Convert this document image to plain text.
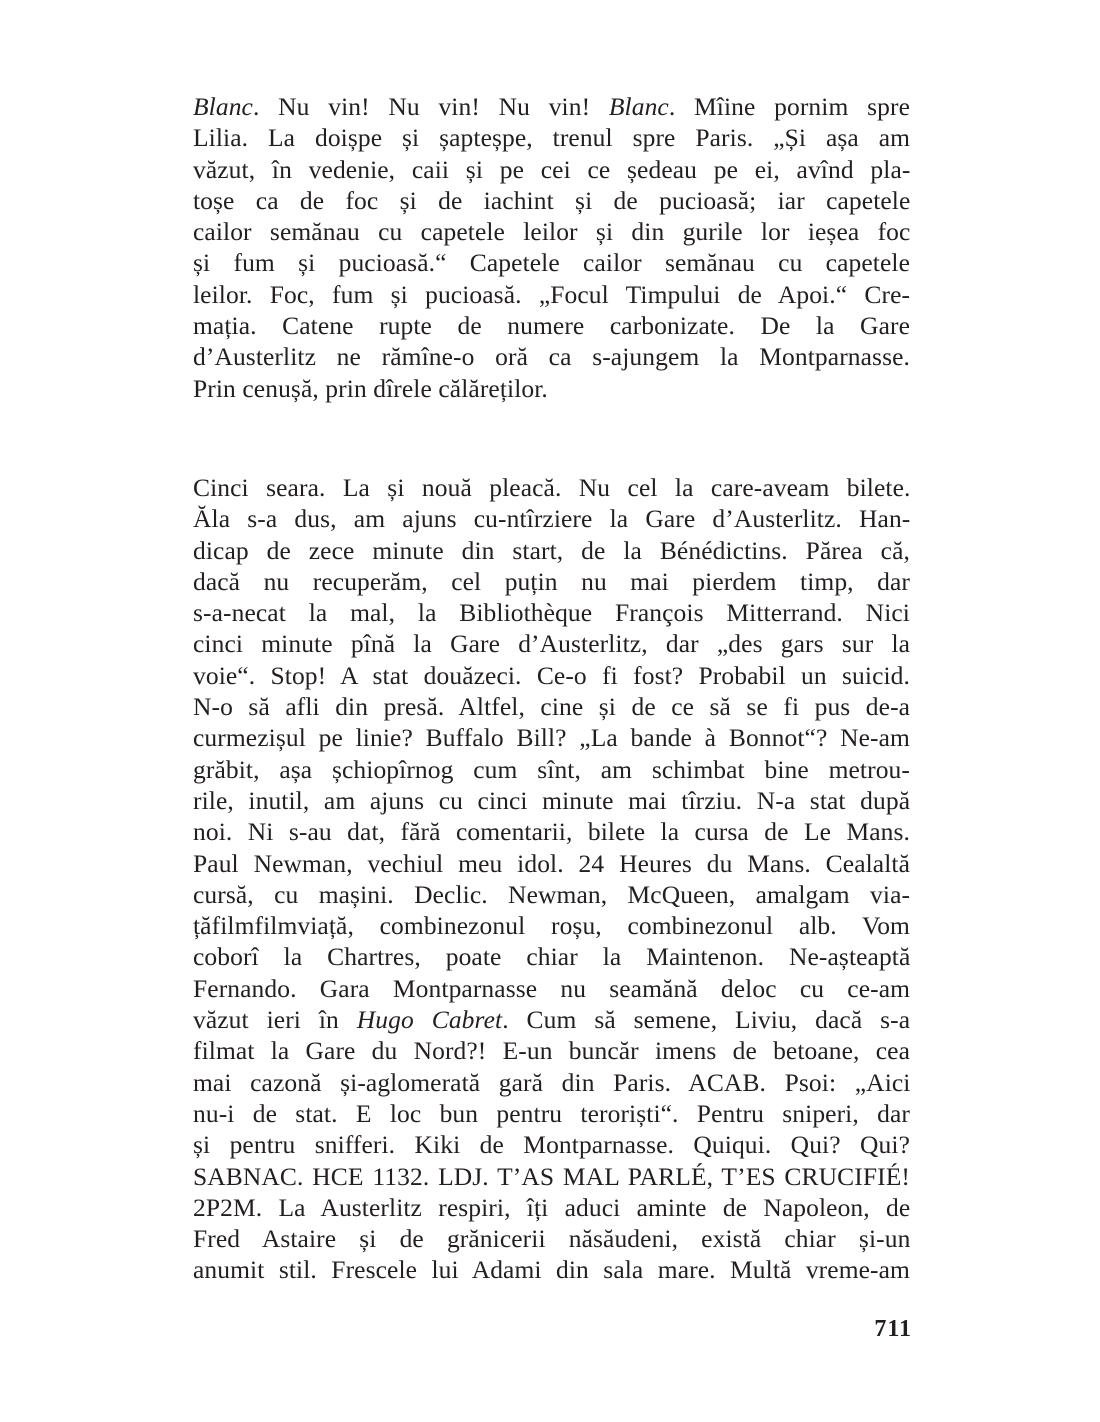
Blanc. Nu vin! Nu vin! Nu vin! Blanc. Mîine pornim spre
Lilia. La doișpe și șapteșpe, trenul spre Paris. „Și așa am
văzut, în vedenie, caii și pe cei ce ședeau pe ei, avînd pla-
toșe ca de foc și de iachint și de pucioasă; iar capetele
cailor semănau cu capetele leilor și din gurile lor ieșea foc
și fum și pucioasă.“ Capetele cailor semănau cu capetele
leilor. Foc, fum și pucioasă. „Focul Timpului de Apoi.“ Cre-
mația. Catene rupte de numere carbonizate. De la Gare
d’Austerlitz ne rămîne-o oră ca s-ajungem la Montparnasse.
Prin cenușă, prin dîrele călăreților.
Cinci seara. La și nouă pleacă. Nu cel la care-aveam bilete.
Ăla s-a dus, am ajuns cu-ntîrziere la Gare d’Austerlitz. Han-
dicap de zece minute din start, de la Bénédictins. Părea că,
dacă nu recuperăm, cel puțin nu mai pierdem timp, dar
s-a-necat la mal, la Bibliothèque François Mitterrand. Nici
cinci minute pînă la Gare d’Austerlitz, dar „des gars sur la
voie“. Stop! A stat douăzeci. Ce-o fi fost? Probabil un suicid.
N-o să afli din presă. Altfel, cine și de ce să se fi pus de-a
curmezișul pe linie? Buffalo Bill? „La bande à Bonnot“? Ne-am
grăbit, așa șchiopîrnog cum sînt, am schimbat bine metrou-
rile, inutil, am ajuns cu cinci minute mai tîrziu. N-a stat după
noi. Ni s-au dat, fără comentarii, bilete la cursa de Le Mans.
Paul Newman, vechiul meu idol. 24 Heures du Mans. Cealaltă
cursă, cu mașini. Declic. Newman, McQueen, amalgam via-
țăfilmfilmviață, combinezonul roșu, combinezonul alb. Vom
coborî la Chartres, poate chiar la Maintenon. Ne-așteaptă
Fernando. Gara Montparnasse nu seamănă deloc cu ce-am
văzut ieri în Hugo Cabret. Cum să semene, Liviu, dacă s-a
filmat la Gare du Nord?! E-un buncăr imens de betoane, cea
mai cazonă și-aglomerată gară din Paris. ACAB. Psoi: „Aici
nu-i de stat. E loc bun pentru teroriști“. Pentru sniperi, dar
și pentru snifferi. Kiki de Montparnasse. Quiqui. Qui? Qui?
SABNAC. HCE 1132. LDJ. T’AS MAL PARLÉ, T’ES CRUCIFIÉ!
2P2M. La Austerlitz respiri, îți aduci aminte de Napoleon, de
Fred Astaire și de grănicerii năsăudeni, există chiar și-un
anumit stil. Frescele lui Adami din sala mare. Multă vreme-am
711
